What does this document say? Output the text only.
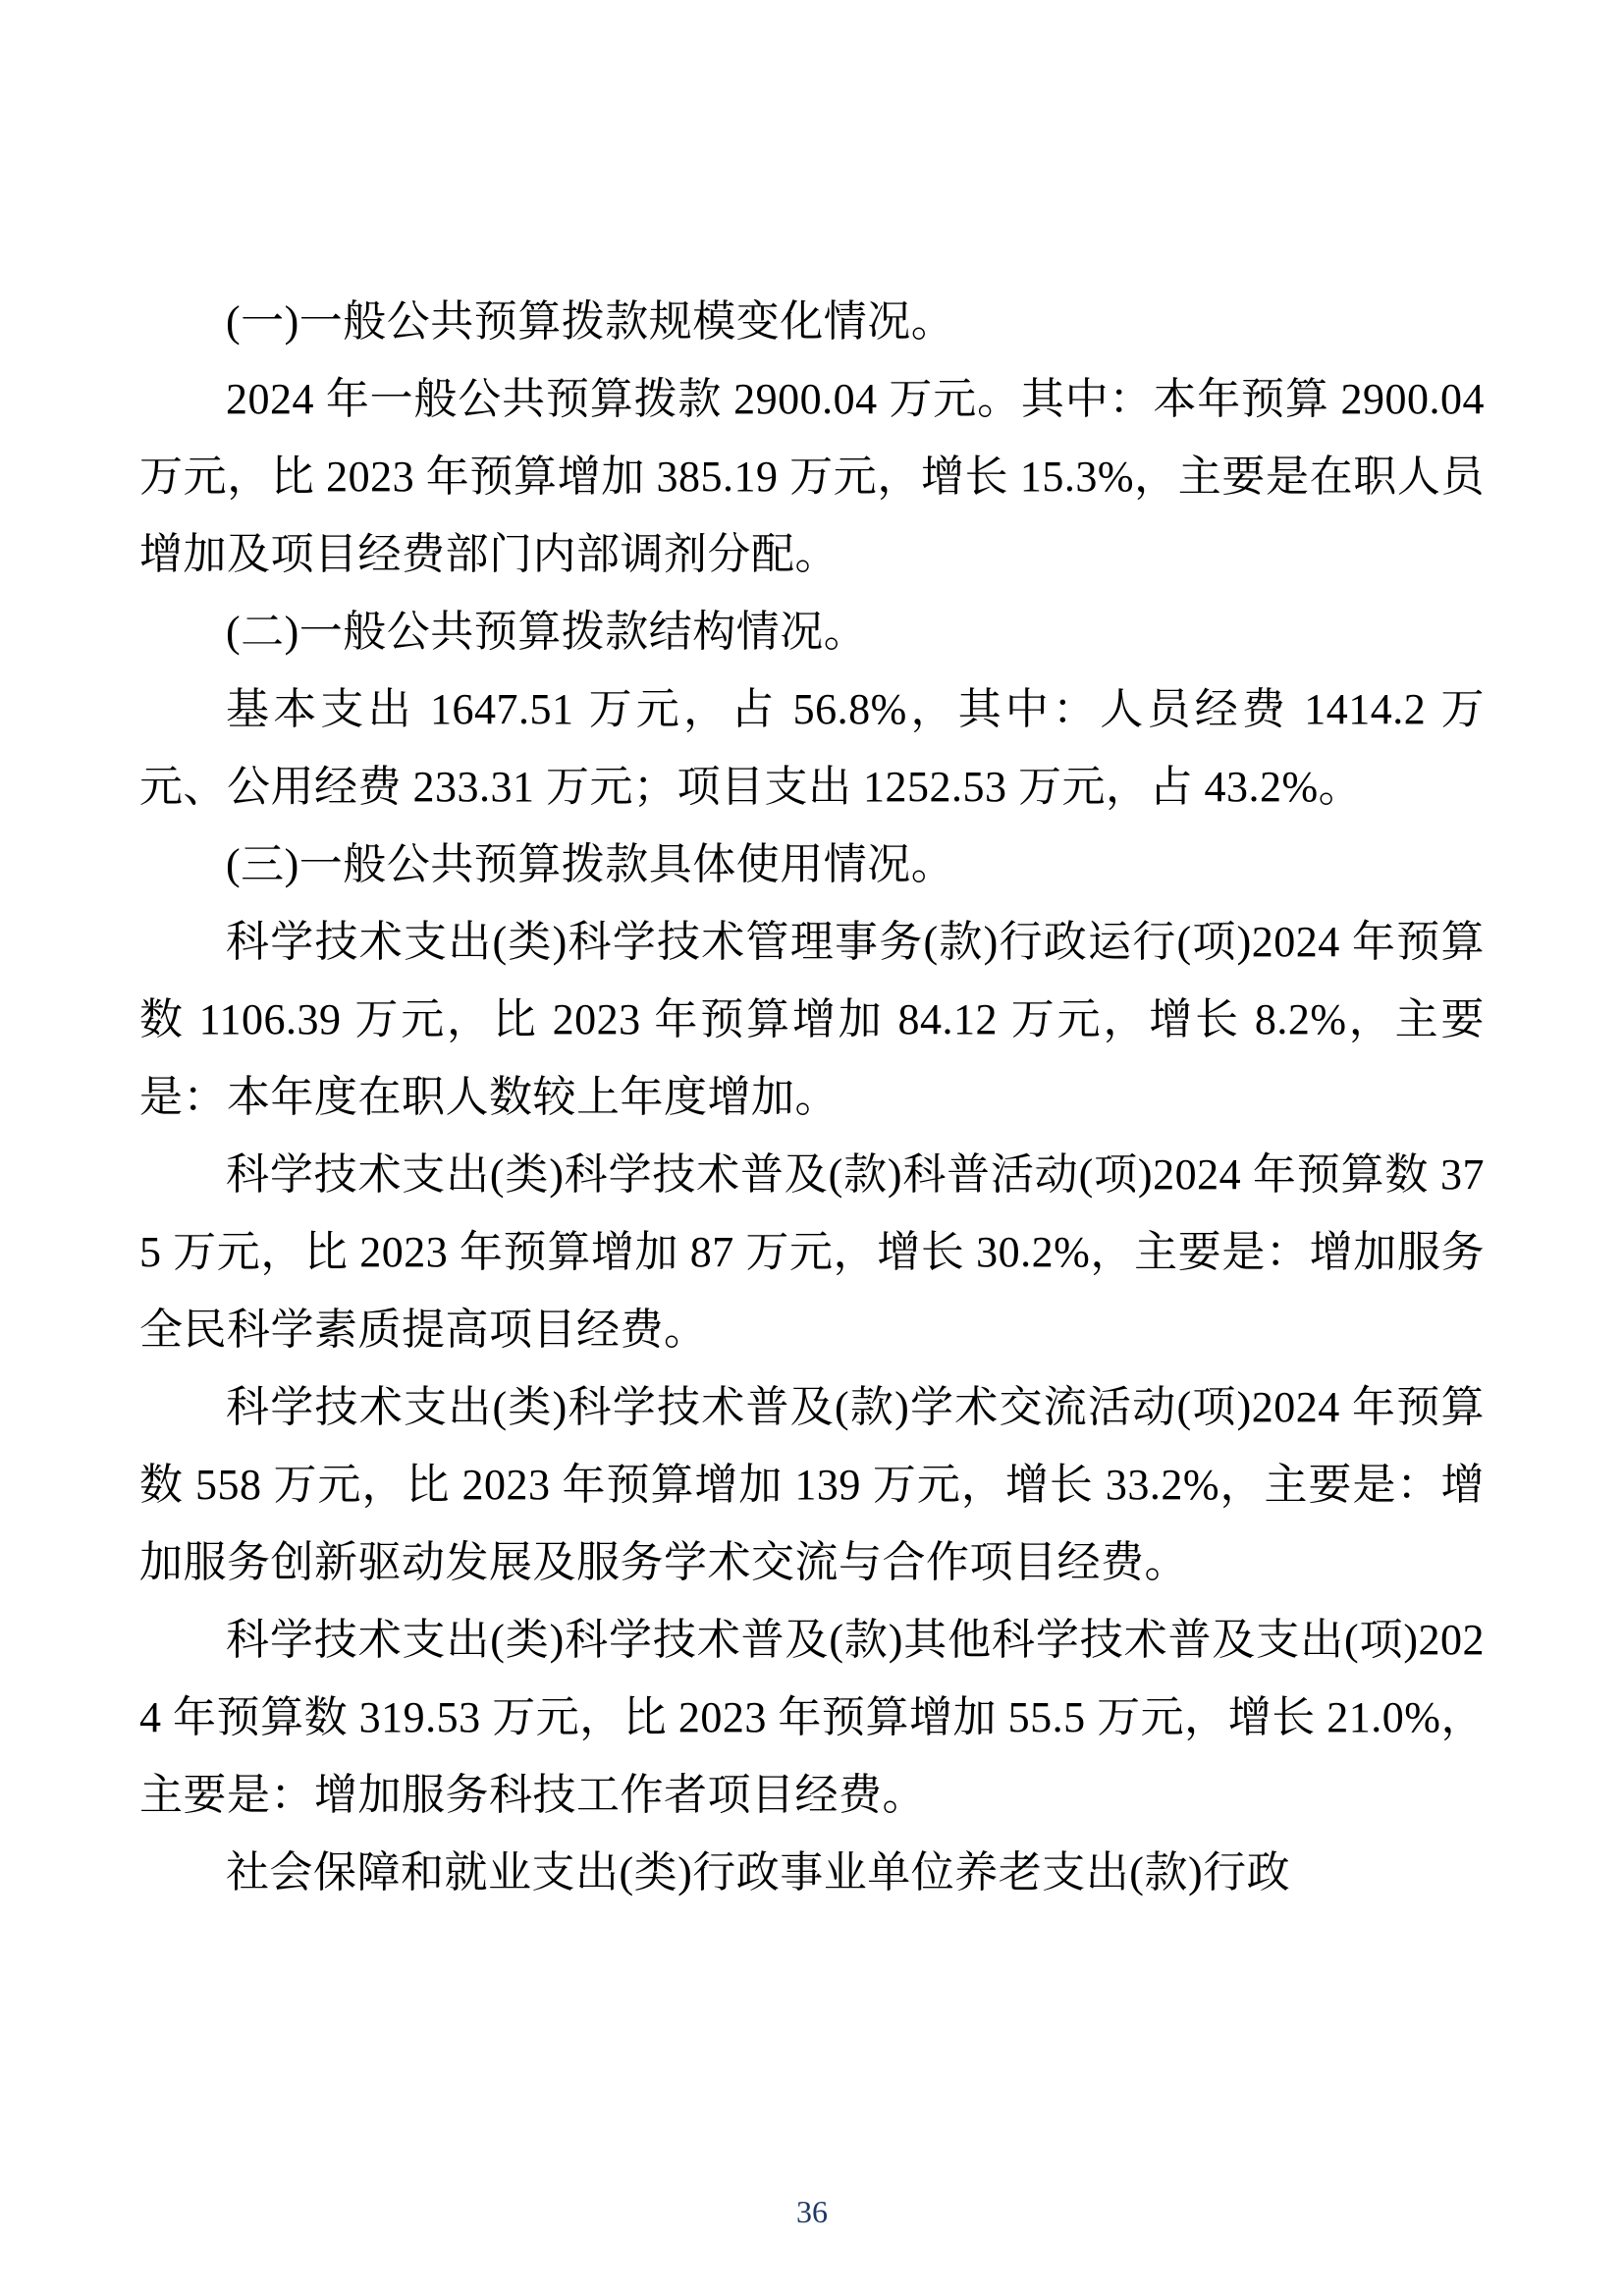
(一)一般公共预算拨款规模变化情况。

2024 年一般公共预算拨款 2900.04 万元。其中：本年预算 2900.04 万元，比 2023 年预算增加 385.19 万元，增长 15.3%，主要是在职人员增加及项目经费部门内部调剂分配。

(二)一般公共预算拨款结构情况。

基本支出 1647.51 万元，占 56.8%，其中：人员经费 1414.2 万元、公用经费 233.31 万元；项目支出 1252.53 万元，占 43.2%。

(三)一般公共预算拨款具体使用情况。

科学技术支出(类)科学技术管理事务(款)行政运行(项)2024 年预算数 1106.39 万元，比 2023 年预算增加 84.12 万元，增长 8.2%，主要是：本年度在职人数较上年度增加。

科学技术支出(类)科学技术普及(款)科普活动(项)2024 年预算数 375 万元，比 2023 年预算增加 87 万元，增长 30.2%，主要是：增加服务全民科学素质提高项目经费。

科学技术支出(类)科学技术普及(款)学术交流活动(项)2024 年预算数 558 万元，比 2023 年预算增加 139 万元，增长 33.2%，主要是：增加服务创新驱动发展及服务学术交流与合作项目经费。

科学技术支出(类)科学技术普及(款)其他科学技术普及支出(项)2024 年预算数 319.53 万元，比 2023 年预算增加 55.5 万元，增长 21.0%，主要是：增加服务科技工作者项目经费。

社会保障和就业支出(类)行政事业单位养老支出(款)行政

36
